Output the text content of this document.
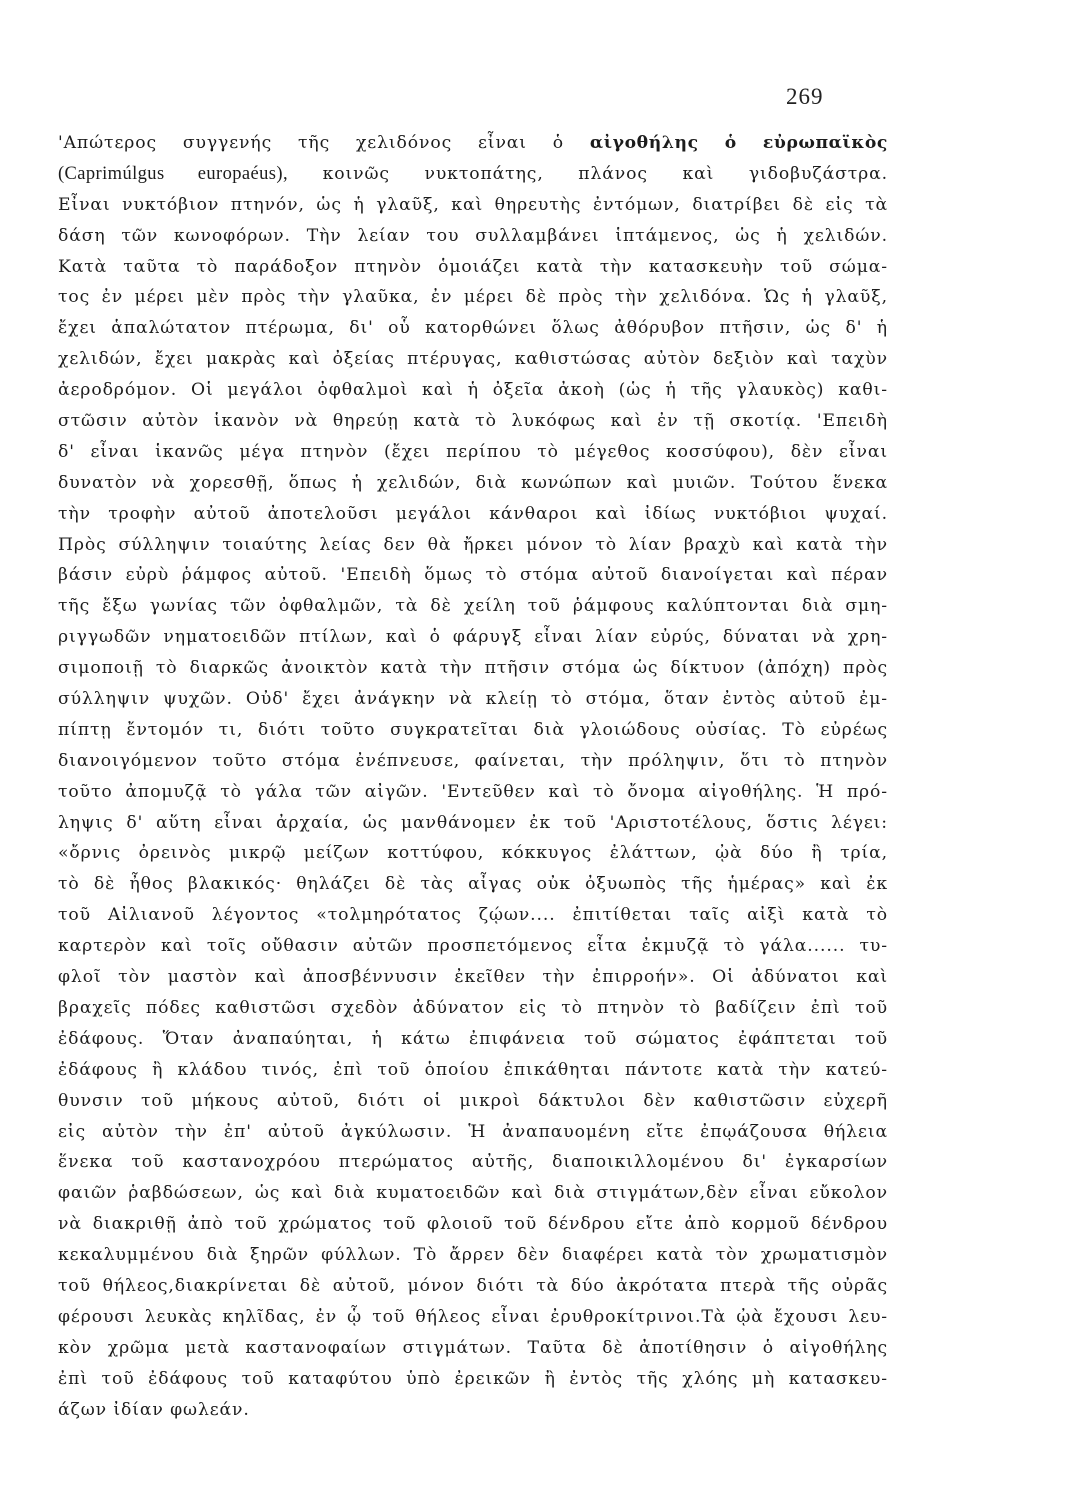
269
'Απώτερος συγγενής τῆς χελιδόνος εἶναι ὁ αἰγοθήλης ὁ εὐρωπαϊκὸς
(Caprimúlgus europaéus), κοινῶς νυκτοπάτης, πλάνος καὶ γιδοβυζάστρα.
Εἶναι νυκτόβιον πτηνόν, ὡς ἡ γλαῦξ, καὶ θηρευτὴς ἐντόμων, διατρίβει δὲ εἰς τὰ
δάση τῶν κωνοφόρων. Τὴν λείαν του συλλαμβάνει ἱπτάμενος, ὡς ἡ χελιδών.
Κατὰ ταῦτα τὸ παράδοξον πτηνὸν ὁμοιάζει κατὰ τὴν κατασκευὴν τοῦ σώμα-
τος ἐν μέρει μὲν πρὸς τὴν γλαῦκα, ἐν μέρει δὲ πρὸς τὴν χελιδόνα. Ὡς ἡ γλαῦξ,
ἔχει ἁπαλώτατον πτέρωμα, δι' οὗ κατορθώνει ὅλως ἀθόρυβον πτῆσιν, ὡς δ' ἡ
χελιδών, ἔχει μακρὰς καὶ ὀξείας πτέρυγας, καθιστώσας αὐτὸν δεξιὸν καὶ ταχὺν
ἀεροδρόμον. Οἱ μεγάλοι ὀφθαλμοὶ καὶ ἡ ὀξεῖα ἀκοὴ (ὡς ἡ τῆς γλαυκὸς) καθι-
στῶσιν αὐτὸν ἱκανὸν νὰ θηρεύῃ κατὰ τὸ λυκόφως καὶ ἐν τῇ σκοτίᾳ. 'Επειδὴ
δ' εἶναι ἱκανῶς μέγα πτηνὸν (ἔχει περίπου τὸ μέγεθος κοσσύφου), δὲν εἶναι
δυνατὸν νὰ χορεσθῇ, ὅπως ἡ χελιδών, διὰ κωνώπων καὶ μυιῶν. Τούτου ἕνεκα
τὴν τροφὴν αὐτοῦ ἀποτελοῦσι μεγάλοι κάνθαροι καὶ ἰδίως νυκτόβιοι ψυχαί.
Πρὸς σύλληψιν τοιαύτης λείας δεν θὰ ἤρκει μόνον τὸ λίαν βραχὺ καὶ κατὰ τὴν
βάσιν εὐρὺ ῥάμφος αὐτοῦ. 'Επειδὴ ὅμως τὸ στόμα αὐτοῦ διανοίγεται καὶ πέραν
τῆς ἔξω γωνίας τῶν ὀφθαλμῶν, τὰ δὲ χείλη τοῦ ῥάμφους καλύπτονται διὰ σμη-
ριγγωδῶν νηματοειδῶν πτίλων, καὶ ὁ φάρυγξ εἶναι λίαν εὐρύς, δύναται νὰ χρη-
σιμοποιῇ τὸ διαρκῶς ἀνοικτὸν κατὰ τὴν πτῆσιν στόμα ὡς δίκτυον (ἀπόχη) πρὸς
σύλληψιν ψυχῶν. Οὐδ' ἔχει ἀνάγκην νὰ κλείῃ τὸ στόμα, ὅταν ἐντὸς αὐτοῦ ἐμ-
πίπτῃ ἔντομόν τι, διότι τοῦτο συγκρατεῖται διὰ γλοιώδους οὐσίας. Τὸ εὐρέως
διανοιγόμενον τοῦτο στόμα ἐνέπνευσε, φαίνεται, τὴν πρόληψιν, ὅτι τὸ πτηνὸν
τοῦτο ἀπομυζᾷ τὸ γάλα τῶν αἰγῶν. 'Εντεῦθεν καὶ τὸ ὄνομα αἰγοθήλης. Ἡ πρό-
ληψις δ' αὕτη εἶναι ἀρχαία, ὡς μανθάνομεν ἐκ τοῦ 'Αριστοτέλους, ὅστις λέγει:
«ὄρνις ὀρεινὸς μικρῷ μείζων κοττύφου, κόκκυγος ἐλάττων, ᾠὰ δύο ἢ τρία,
τὸ δὲ ἦθος βλακικός· θηλάζει δὲ τὰς αἶγας οὐκ ὀξυωπὸς τῆς ἡμέρας» καὶ ἐκ
τοῦ Αἰλιανοῦ λέγοντος «τολμηρότατος ζῴων.... ἐπιτίθεται ταῖς αἰξὶ κατὰ τὸ
καρτερὸν καὶ τοῖς οὔθασιν αὐτῶν προσπετόμενος εἶτα ἐκμυζᾷ τὸ γάλα...... τυ-
φλοῖ τὸν μαστὸν καὶ ἀποσβέννυσιν ἐκεῖθεν τὴν ἐπιρροήν». Οἱ ἀδύνατοι καὶ
βραχεῖς πόδες καθιστῶσι σχεδὸν ἀδύνατον εἰς τὸ πτηνὸν τὸ βαδίζειν ἐπὶ τοῦ
ἐδάφους. Ὅταν ἀναπαύηται, ἡ κάτω ἐπιφάνεια τοῦ σώματος ἐφάπτεται τοῦ
ἐδάφους ἢ κλάδου τινός, ἐπὶ τοῦ ὁποίου ἐπικάθηται πάντοτε κατὰ τὴν κατεύ-
θυνσιν τοῦ μήκους αὐτοῦ, διότι οἱ μικροὶ δάκτυλοι δὲν καθιστῶσιν εὐχερῆ
εἰς αὐτὸν τὴν ἐπ' αὐτοῦ ἀγκύλωσιν. Ἡ ἀναπαυομένη εἴτε ἐπῳάζουσα θήλεια
ἕνεκα τοῦ καστανοχρόου πτερώματος αὐτῆς, διαποικιλλομένου δι' ἐγκαρσίων
φαιῶν ῥαβδώσεων, ὡς καὶ διὰ κυματοειδῶν καὶ διὰ στιγμάτων,δὲν εἶναι εὔκολον
νὰ διακριθῇ ἀπὸ τοῦ χρώματος τοῦ φλοιοῦ τοῦ δένδρου εἴτε ἀπὸ κορμοῦ δένδρου
κεκαλυμμένου διὰ ξηρῶν φύλλων. Τὸ ἄρρεν δὲν διαφέρει κατὰ τὸν χρωματισμὸν
τοῦ θήλεος,διακρίνεται δὲ αὐτοῦ, μόνον διότι τὰ δύο ἀκρότατα πτερὰ τῆς οὐρᾶς
φέρουσι λευκὰς κηλῖδας, ἐν ᾧ τοῦ θήλεος εἶναι ἐρυθροκίτρινοι.Τὰ ᾠὰ ἔχουσι λευ-
κὸν χρῶμα μετὰ καστανοφαίων στιγμάτων. Ταῦτα δὲ ἀποτίθησιν ὁ αἰγοθήλης
ἐπὶ τοῦ ἐδάφους τοῦ καταφύτου ὑπὸ ἐρεικῶν ἢ ἐντὸς τῆς χλόης μὴ κατασκευ-
άζων ἰδίαν φωλεάν.
